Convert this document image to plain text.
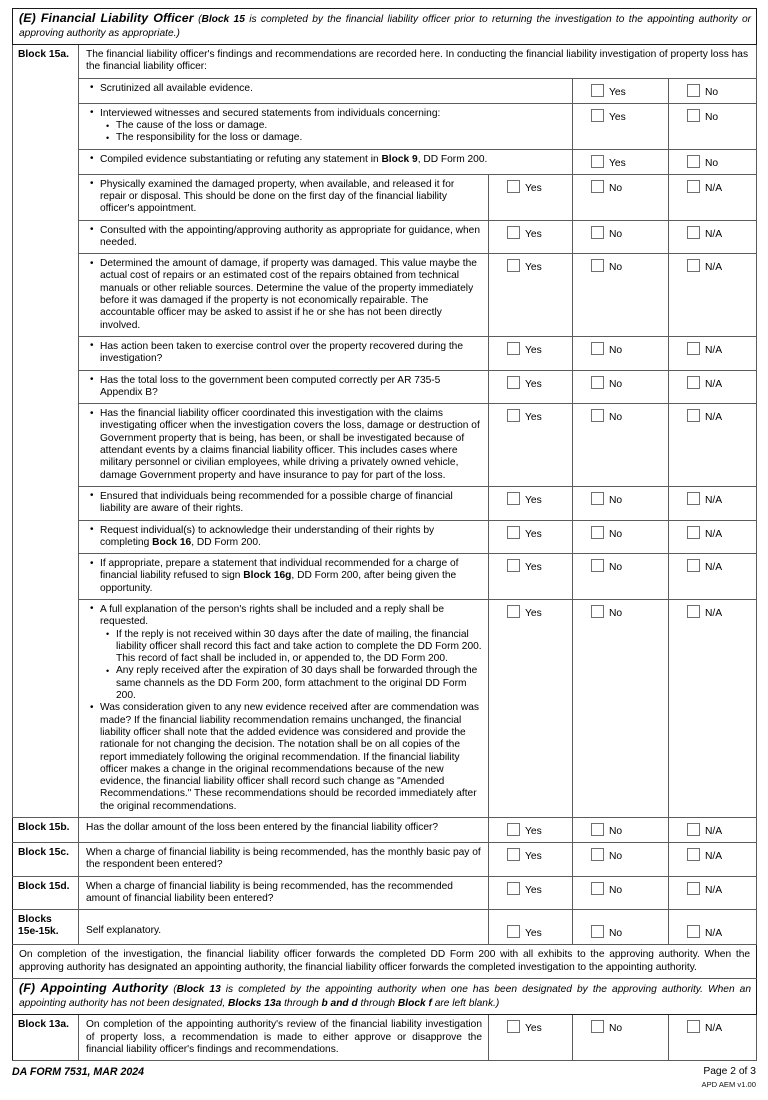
(E) Financial Liability Officer (Block 15 is completed by the financial liability officer prior to returning the investigation to the appointing authority or approving authority as appropriate.)				
Block 15a.	The financial liability officer's findings and recommendations are recorded here. In conducting the financial liability investigation of property loss has the financial liability officer:			

• Scrutinized all available evidence.	Yes	No

• Interviewed witnesses and secured statements from individuals concerning:
• The cause of the loss or damage.
• The responsibility for the loss or damage.
	Yes	No

• Compiled evidence substantiating or refuting any statement in Block 9, DD Form 200.	Yes	No

• Physically examined the damaged property, when available, and released it for repair or disposal. This should be done on the first day of the financial liability officer's appointment.
	Yes	No	N/A

• Consulted with the appointing/approving authority as appropriate for guidance, when needed.
	Yes	No	N/A

• Determined the amount of damage, if property was damaged. This value maybe the actual cost of repairs or an estimated cost of the repairs obtained from technical manuals or other reliable sources. Determine the value of the property immediately before it was damaged if the property is not economically repairable. The accountable officer may be asked to assist if he or she has not been directly involved.
	Yes	No	N/A

• Has action been taken to exercise control over the property recovered during the investigation?
	Yes	No	N/A

• Has the total loss to the government been computed correctly per AR 735-5 Appendix B?
	Yes	No	N/A

• Has the financial liability officer coordinated this investigation with the claims investigating officer when the investigation covers the loss, damage or destruction of Government property that is being, has been, or shall be investigated because of attendant events by a claims financial liability officer. This includes cases where military personnel or civilian employees, while driving a privately owned vehicle, damage Government property and have insurance to pay for part of the loss.
	Yes	No	N/A

• Ensured that individuals being recommended for a possible charge of financial liability are aware of their rights.
	Yes	No	N/A

• Request individual(s) to acknowledge their understanding of their rights by completing Bock 16, DD Form 200.
	Yes	No	N/A

• If appropriate, prepare a statement that individual recommended for a charge of financial liability refused to sign Block 16g, DD Form 200, after being given the opportunity.
	Yes	No	N/A

• A full explanation of the person's rights shall be included and a reply shall be requested.
• If the reply is not received within 30 days after the date of mailing, the financial liability officer shall record this fact and take action to complete the DD Form 200. This record of fact shall be included in, or appended to, the DD Form 200.
• Any reply received after the expiration of 30 days shall be forwarded through the same channels as the DD Form 200, form attachment to the original DD Form 200.
• Was consideration given to any new evidence received after are commendation was made? If the financial liability recommendation remains unchanged, the financial liability officer shall note that the added evidence was considered and provide the rationale for not changing the decision. The notation shall be on all copies of the report immediately following the original recommendation. If the financial liability officer makes a change in the original recommendations because of the new evidence, the financial liability officer shall record such change as "Amended Recommendations." These recommendations should be recorded immediately after the original recommendations.
	Yes	No	N/A
Block 15b.	Has the dollar amount of the loss been entered by the financial liability officer?	Yes	No	N/A
Block 15c.	When a charge of financial liability is being recommended, has the monthly basic pay of the respondent been entered?	Yes	No	N/A
Block 15d.	When a charge of financial liability is being recommended, has the recommended amount of financial liability been entered?	Yes	No	N/A
Blocks 15e-15k.	Self explanatory.	Yes	No	N/A
On completion of the investigation, the financial liability officer forwards the completed DD Form 200 with all exhibits to the approving authority. When the approving authority has designated an appointing authority, the financial liability officer forwards the completed investigation to the appointing authority.				
(F) Appointing Authority (Block 13 is completed by the appointing authority when one has been designated by the approving authority. When an appointing authority has not been designated, Blocks 13a through b and d through Block f are left blank.)				
Block 13a.	On completion of the appointing authority's review of the financial liability investigation of property loss, a recommendation is made to either approve or disapprove the financial liability officer's findings and recommendations.	Yes	No	N/A
DA FORM 7531, MAR 2024	Page 2 of 3
APD AEM v1.00
